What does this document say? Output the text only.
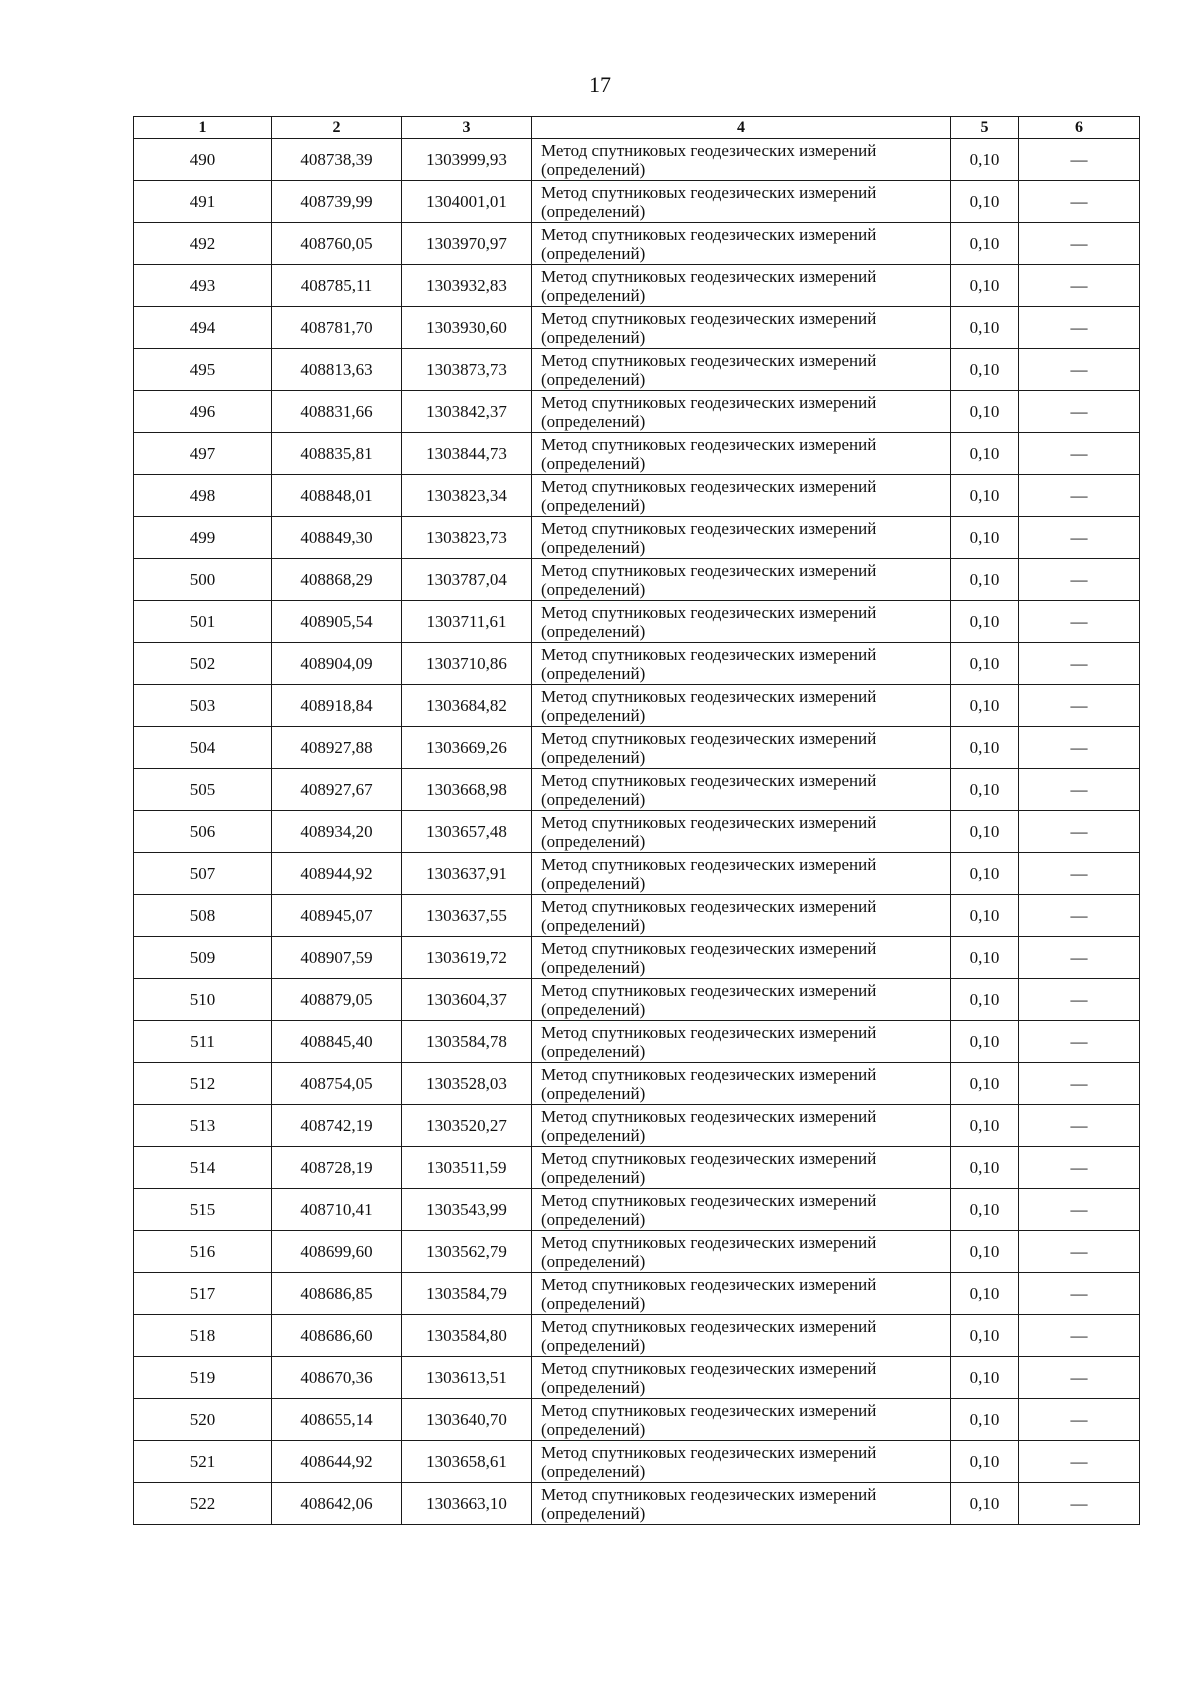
17
1	2	3	4	5	6
490	408738,39	1303999,93	Метод спутниковых геодезических измерений
(определений)	0,10	—
491	408739,99	1304001,01	Метод спутниковых геодезических измерений
(определений)	0,10	—
492	408760,05	1303970,97	Метод спутниковых геодезических измерений
(определений)	0,10	—
493	408785,11	1303932,83	Метод спутниковых геодезических измерений
(определений)	0,10	—
494	408781,70	1303930,60	Метод спутниковых геодезических измерений
(определений)	0,10	—
495	408813,63	1303873,73	Метод спутниковых геодезических измерений
(определений)	0,10	—
496	408831,66	1303842,37	Метод спутниковых геодезических измерений
(определений)	0,10	—
497	408835,81	1303844,73	Метод спутниковых геодезических измерений
(определений)	0,10	—
498	408848,01	1303823,34	Метод спутниковых геодезических измерений
(определений)	0,10	—
499	408849,30	1303823,73	Метод спутниковых геодезических измерений
(определений)	0,10	—
500	408868,29	1303787,04	Метод спутниковых геодезических измерений
(определений)	0,10	—
501	408905,54	1303711,61	Метод спутниковых геодезических измерений
(определений)	0,10	—
502	408904,09	1303710,86	Метод спутниковых геодезических измерений
(определений)	0,10	—
503	408918,84	1303684,82	Метод спутниковых геодезических измерений
(определений)	0,10	—
504	408927,88	1303669,26	Метод спутниковых геодезических измерений
(определений)	0,10	—
505	408927,67	1303668,98	Метод спутниковых геодезических измерений
(определений)	0,10	—
506	408934,20	1303657,48	Метод спутниковых геодезических измерений
(определений)	0,10	—
507	408944,92	1303637,91	Метод спутниковых геодезических измерений
(определений)	0,10	—
508	408945,07	1303637,55	Метод спутниковых геодезических измерений
(определений)	0,10	—
509	408907,59	1303619,72	Метод спутниковых геодезических измерений
(определений)	0,10	—
510	408879,05	1303604,37	Метод спутниковых геодезических измерений
(определений)	0,10	—
511	408845,40	1303584,78	Метод спутниковых геодезических измерений
(определений)	0,10	—
512	408754,05	1303528,03	Метод спутниковых геодезических измерений
(определений)	0,10	—
513	408742,19	1303520,27	Метод спутниковых геодезических измерений
(определений)	0,10	—
514	408728,19	1303511,59	Метод спутниковых геодезических измерений
(определений)	0,10	—
515	408710,41	1303543,99	Метод спутниковых геодезических измерений
(определений)	0,10	—
516	408699,60	1303562,79	Метод спутниковых геодезических измерений
(определений)	0,10	—
517	408686,85	1303584,79	Метод спутниковых геодезических измерений
(определений)	0,10	—
518	408686,60	1303584,80	Метод спутниковых геодезических измерений
(определений)	0,10	—
519	408670,36	1303613,51	Метод спутниковых геодезических измерений
(определений)	0,10	—
520	408655,14	1303640,70	Метод спутниковых геодезических измерений
(определений)	0,10	—
521	408644,92	1303658,61	Метод спутниковых геодезических измерений
(определений)	0,10	—
522	408642,06	1303663,10	Метод спутниковых геодезических измерений
(определений)	0,10	—
